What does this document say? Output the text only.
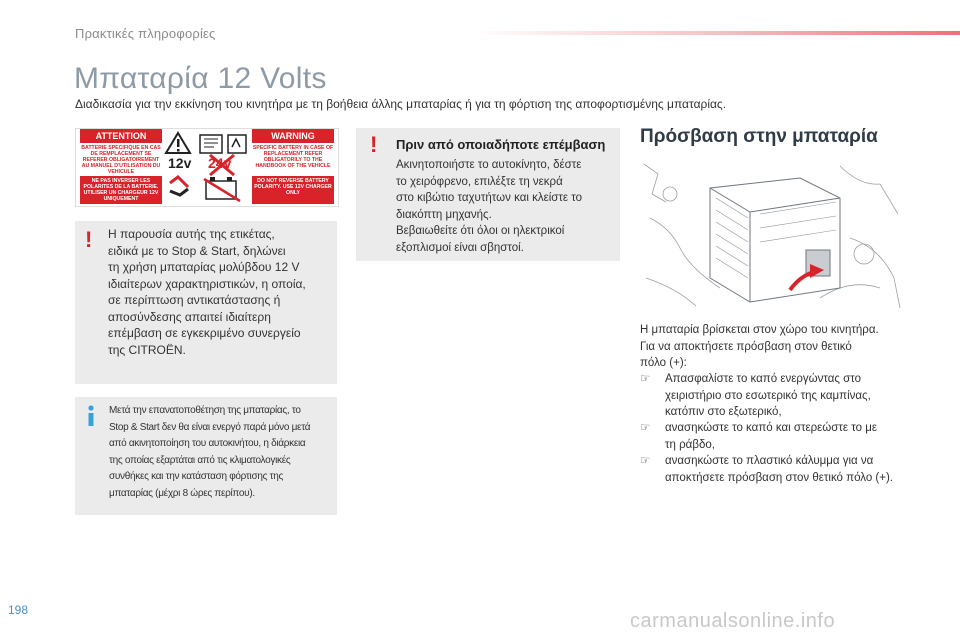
Πρακτικές πληροφορίες
Μπαταρία 12 Volts
Διαδικασία για την εκκίνηση του κινητήρα με τη βοήθεια άλλης μπαταρίας ή για τη φόρτιση της αποφορτισμένης μπαταρίας.
ATTENTION	WARNING
BATTERIE SPECIFIQUE EN CAS DE REMPLACEMENT SE REFERER OBLIGATOIREMENT AU MANUEL D'UTILISATION DU VEHICULE
SPECIFIC BATTERY IN CASE OF REPLACEMENT REFER OBLIGATORILY TO THE HANDBOOK OF THE VEHICLE
NE PAS INVERSER LES POLARITES DE LA BATTERIE. UTILISER UN CHARGEUR 12V UNIQUEMENT
DO NOT REVERSE BATTERY POLARITY. USE 12V CHARGER ONLY
12v 24v
! Η παρουσία αυτής της ετικέτας,
ειδικά με το Stop & Start, δηλώνει
τη χρήση μπαταρίας μολύβδου 12 V
ιδιαίτερων χαρακτηριστικών, η οποία,
σε περίπτωση αντικατάστασης ή
αποσύνδεσης απαιτεί ιδιαίτερη
επέμβαση σε εγκεκριμένο συνεργείο
της CITROËN.
Μετά την επανατοποθέτηση της μπαταρίας, το
Stop & Start δεν θα είναι ενεργό παρά μόνο μετά
από ακινητοποίηση του αυτοκινήτου, η διάρκεια
της οποίας εξαρτάται από τις κλιματολογικές
συνθήκες και την κατάσταση φόρτισης της
μπαταρίας (μέχρι 8 ώρες περίπου).
! Πριν από οποιαδήποτε επέμβαση
Ακινητοποιήστε το αυτοκίνητο, δέστε
το χειρόφρενο, επιλέξτε τη νεκρά
στο κιβώτιο ταχυτήτων και κλείστε το
διακόπτη μηχανής.
Βεβαιωθείτε ότι όλοι οι ηλεκτρικοί
εξοπλισμοί είναι σβηστοί.
Πρόσβαση στην μπαταρία
Η μπαταρία βρίσκεται στον χώρο του κινητήρα.
Για να αποκτήσετε πρόσβαση στον θετικό
πόλο (+):
☞	Απασφαλίστε το καπό ενεργώντας στο
χειριστήριο στο εσωτερικό της καμπίνας,
κατόπιν στο εξωτερικό,
☞	ανασηκώστε το καπό και στερεώστε το με
τη ράβδο,
☞	ανασηκώστε το πλαστικό κάλυμμα για να
αποκτήσετε πρόσβαση στον θετικό πόλο (+).
198	carmanualsonline.info
